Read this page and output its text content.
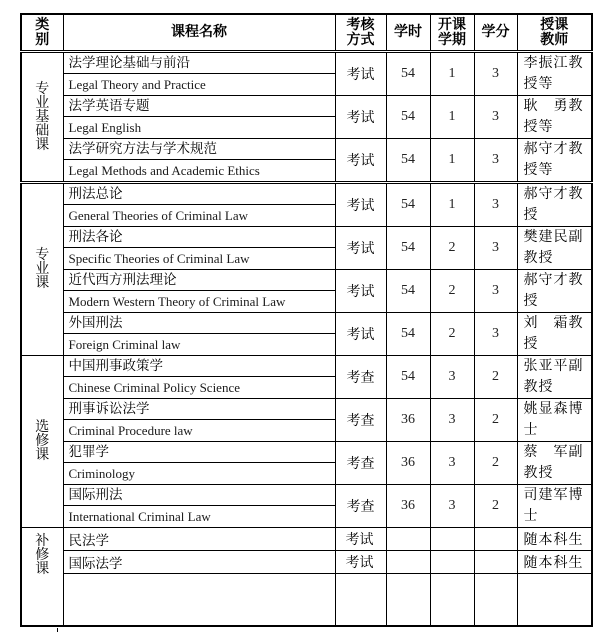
类别	课程名称	考核方式	学时	开课学期	学分	授课教师
专业基础课	法学理论基础与前沿	考试	54	1	3	李振江教授等
	Legal Theory and Practice					
	法学英语专题	考试	54	1	3	耿　勇教授等
	Legal English					
	法学研究方法与学术规范	考试	54	1	3	郝守才教授等
	Legal Methods and Academic Ethics					
专业课	刑法总论	考试	54	1	3	郝守才教授
	General Theories of Criminal Law					
	刑法各论	考试	54	2	3	樊建民副教授
	Specific Theories of Criminal Law					
	近代西方刑法理论	考试	54	2	3	郝守才教授
	Modern Western Theory of Criminal Law					
	外国刑法	考试	54	2	3	刘　霜教授
	Foreign Criminal law					
选修课	中国刑事政策学	考查	54	3	2	张亚平副教授
	Chinese Criminal Policy Science					
	刑事诉讼法学	考查	36	3	2	姚显森博士
	Criminal Procedure law					
	犯罪学	考查	36	3	2	蔡　军副教授
	Criminology					
	国际刑法	考查	36	3	2	司建军博士
	International Criminal Law					
补修课	民法学	考试				随本科生
	国际法学	考试				随本科生
